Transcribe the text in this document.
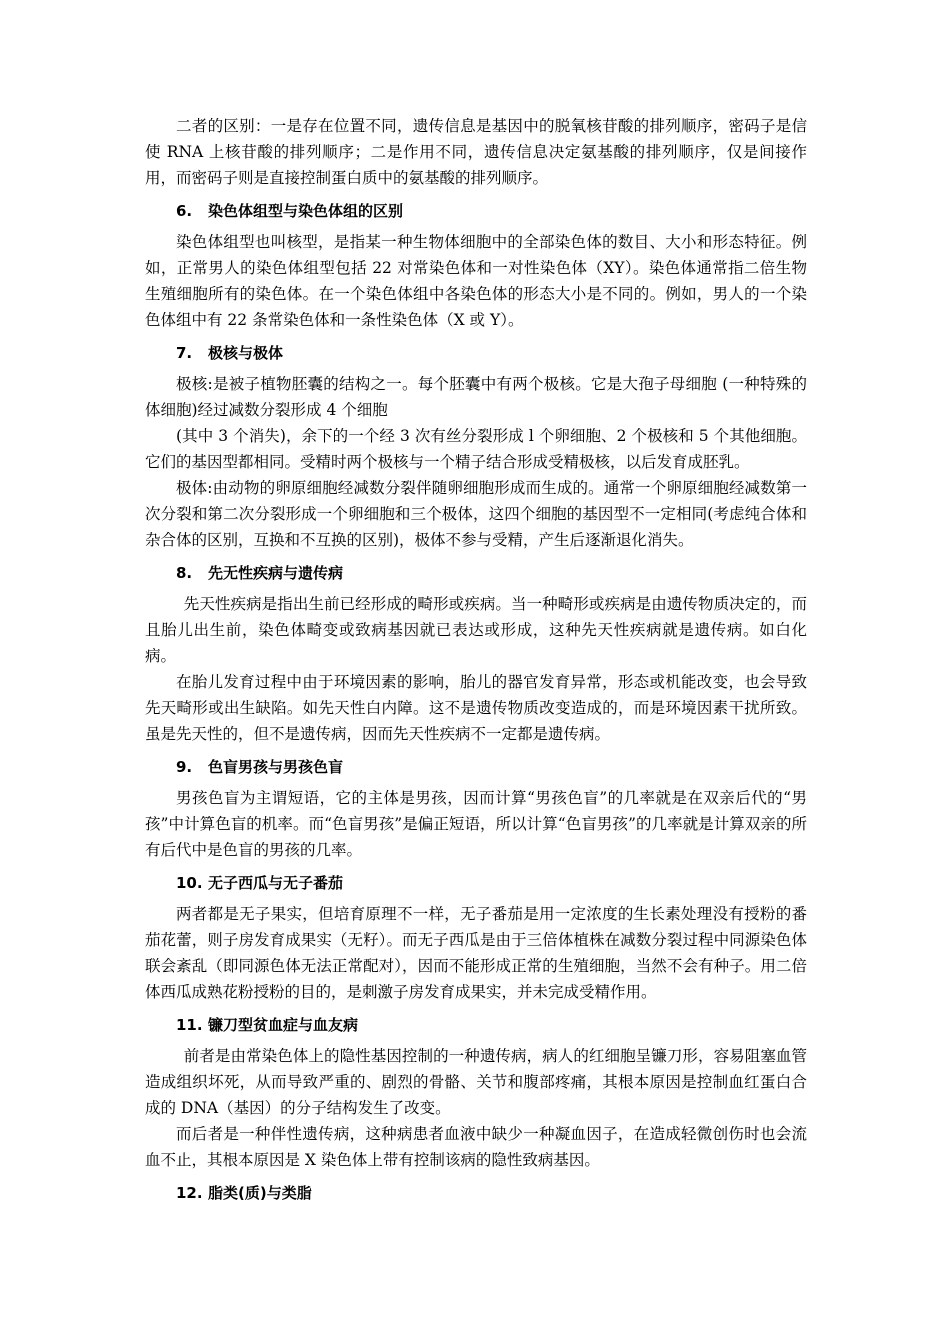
二者的区别：一是存在位置不同，遗传信息是基因中的脱氧核苷酸的排列顺序，密码子是信使 RNA 上核苷酸的排列顺序；二是作用不同，遗传信息决定氨基酸的排列顺序，仅是间接作用，而密码子则是直接控制蛋白质中的氨基酸的排列顺序。

6. 染色体组型与染色体组的区别

染色体组型也叫核型，是指某一种生物体细胞中的全部染色体的数目、大小和形态特征。例如，正常男人的染色体组型包括 22 对常染色体和一对性染色体（XY）。染色体通常指二倍生物生殖细胞所有的染色体。在一个染色体组中各染色体的形态大小是不同的。例如，男人的一个染色体组中有 22 条常染色体和一条性染色体（X 或 Y）。

7. 极核与极体

极核:是被子植物胚囊的结构之一。每个胚囊中有两个极核。它是大孢子母细胞 (一种特殊的体细胞)经过减数分裂形成 4 个细胞

(其中 3 个消失)，余下的一个经 3 次有丝分裂形成 l 个卵细胞、2 个极核和 5 个其他细胞。它们的基因型都相同。受精时两个极核与一个精子结合形成受精极核，以后发育成胚乳。

极体:由动物的卵原细胞经减数分裂伴随卵细胞形成而生成的。通常一个卵原细胞经减数第一次分裂和第二次分裂形成一个卵细胞和三个极体，这四个细胞的基因型不一定相同(考虑纯合体和杂合体的区别，互换和不互换的区别)，极体不参与受精，产生后逐渐退化消失。

8. 先无性疾病与遗传病

先天性疾病是指出生前已经形成的畸形或疾病。当一种畸形或疾病是由遗传物质决定的，而且胎儿出生前，染色体畸变或致病基因就已表达或形成，这种先天性疾病就是遗传病。如白化病。

在胎儿发育过程中由于环境因素的影响，胎儿的器官发育异常，形态或机能改变，也会导致先天畸形或出生缺陷。如先天性白内障。这不是遗传物质改变造成的，而是环境因素干扰所致。虽是先天性的，但不是遗传病，因而先天性疾病不一定都是遗传病。

9. 色盲男孩与男孩色盲

男孩色盲为主谓短语，它的主体是男孩，因而计算“男孩色盲”的几率就是在双亲后代的“男孩”中计算色盲的机率。而“色盲男孩”是偏正短语，所以计算“色盲男孩”的几率就是计算双亲的所有后代中是色盲的男孩的几率。

10. 无子西瓜与无子番茄

两者都是无子果实，但培育原理不一样，无子番茄是用一定浓度的生长素处理没有授粉的番茄花蕾，则子房发育成果实（无籽）。而无子西瓜是由于三倍体植株在减数分裂过程中同源染色体联会紊乱（即同源色体无法正常配对），因而不能形成正常的生殖细胞，当然不会有种子。用二倍体西瓜成熟花粉授粉的目的，是刺激子房发育成果实，并未完成受精作用。

11. 镰刀型贫血症与血友病

前者是由常染色体上的隐性基因控制的一种遗传病，病人的红细胞呈镰刀形，容易阻塞血管造成组织坏死，从而导致严重的、剧烈的骨骼、关节和腹部疼痛，其根本原因是控制血红蛋白合成的 DNA（基因）的分子结构发生了改变。

而后者是一种伴性遗传病，这种病患者血液中缺少一种凝血因子，在造成轻微创伤时也会流血不止，其根本原因是 X 染色体上带有控制该病的隐性致病基因。

12. 脂类(质)与类脂
